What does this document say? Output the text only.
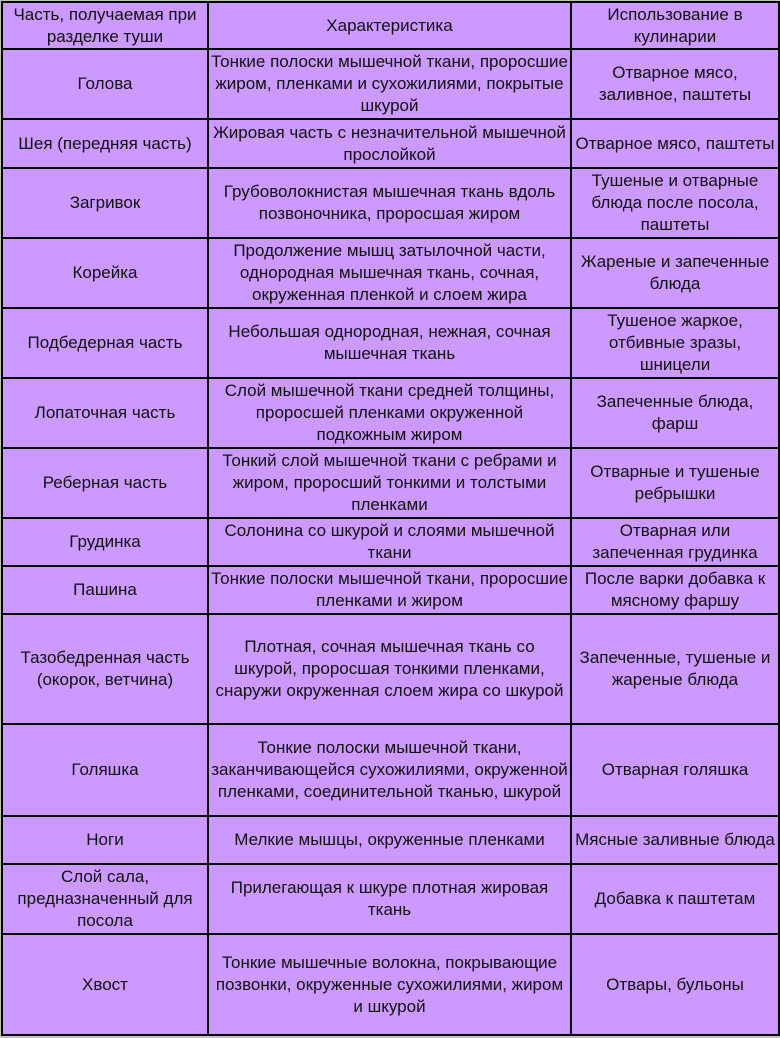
Часть, получаемая при разделке туши	Характеристика	Использование в кулинарии
Голова	Тонкие полоски мышечной ткани, проросшие жиром, пленками и сухожилиями, покрытые шкурой	Отварное мясо, заливное, паштеты
Шея (передняя часть)	Жировая часть с незначительной мышечной прослойкой	Отварное мясо, паштеты
Загривок	Грубоволокнистая мышечная ткань вдоль позвоночника, проросшая жиром	Тушеные и отварные блюда после посола, паштеты
Корейка	Продолжение мышц затылочной части, однородная мышечная ткань, сочная, окруженная пленкой и слоем жира	Жареные и запеченные блюда
Подбедерная часть	Небольшая однородная, нежная, сочная мышечная ткань	Тушеное жаркое, отбивные зразы, шницели
Лопаточная часть	Слой мышечной ткани средней толщины, проросшей пленками окруженной подкожным жиром	Запеченные блюда, фарш
Реберная часть	Тонкий слой мышечной ткани с ребрами и жиром, проросший тонкими и толстыми пленками	Отварные и тушеные ребрышки
Грудинка	Солонина со шкурой и слоями мышечной ткани	Отварная или запеченная грудинка
Пашина	Тонкие полоски мышечной ткани, проросшие пленками и жиром	После варки добавка к мясному фаршу
Тазобедренная часть (окорок, ветчина)	Плотная, сочная мышечная ткань со шкурой, проросшая тонкими пленками, снаружи окруженная слоем жира со шкурой	Запеченные, тушеные и жареные блюда
Голяшка	Тонкие полоски мышечной ткани, заканчивающейся сухожилиями, окруженной пленками, соединительной тканью, шкурой	Отварная голяшка
Ноги	Мелкие мышцы, окруженные пленками	Мясные заливные блюда
Слой сала, предназначенный для посола	Прилегающая к шкуре плотная жировая ткань	Добавка к паштетам
Хвост	Тонкие мышечные волокна, покрывающие позвонки, окруженные сухожилиями, жиром и шкурой	Отвары, бульоны
